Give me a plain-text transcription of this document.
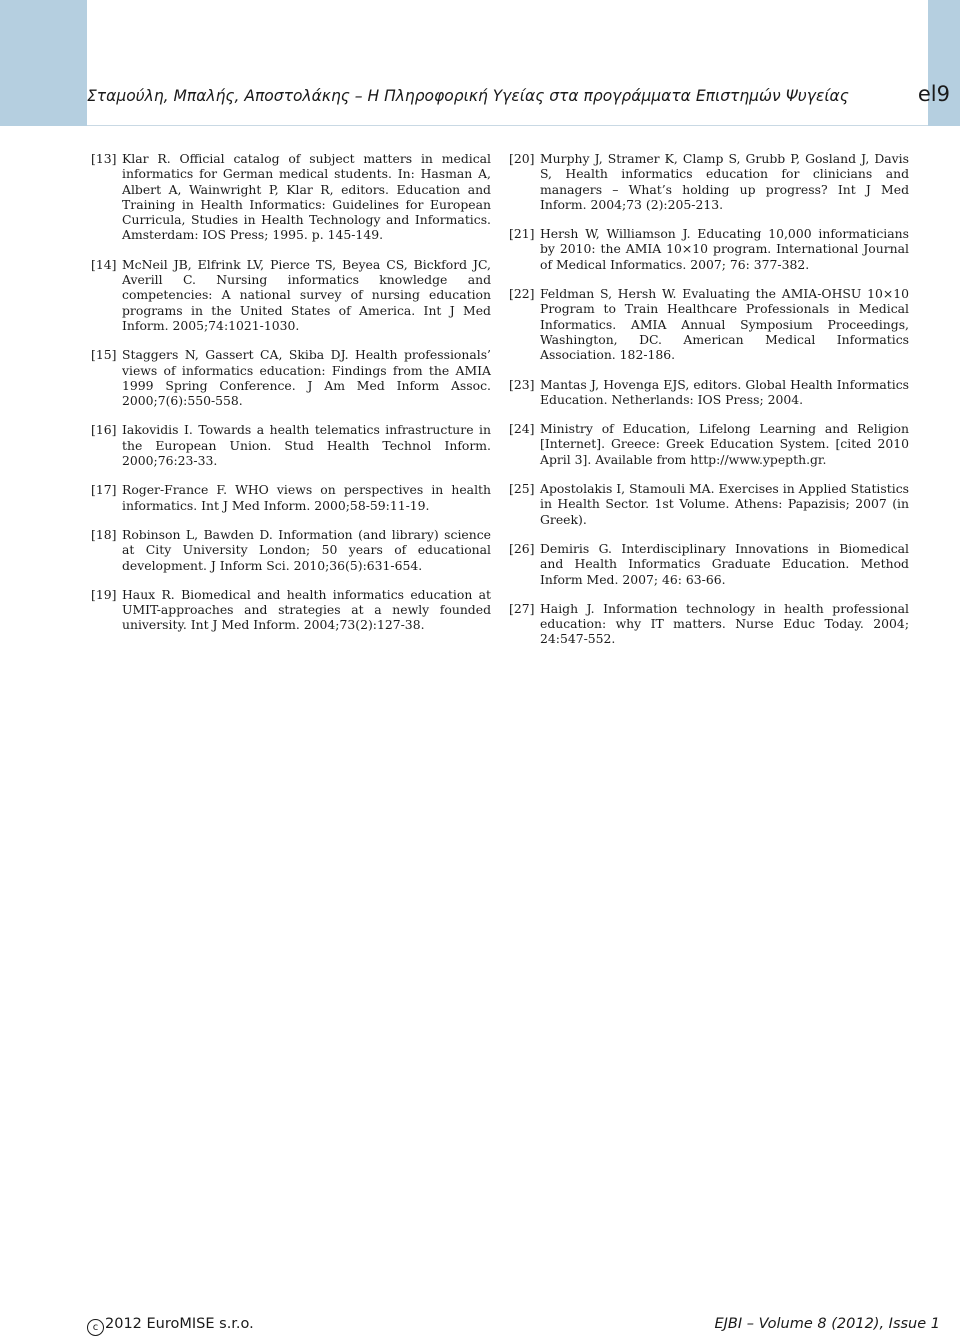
Σταμούλη, Μπαλής, Αποστολάκης – Η Πληροφορική Υγείας στα προγράμματα Επιστημών Ψυγείας	el9
[13] Klar R. Official catalog of subject matters in medical informatics for German medical students. In: Hasman A, Albert A, Wainwright P, Klar R, editors. Education and Training in Health Informatics: Guidelines for European Curricula, Studies in Health Technology and Informatics. Amsterdam: IOS Press; 1995. p. 145-149.
[14] McNeil JB, Elfrink LV, Pierce TS, Beyea CS, Bickford JC, Averill C. Nursing informatics knowledge and competencies: A national survey of nursing education programs in the United States of America. Int J Med Inform. 2005;74:1021-1030.
[15] Staggers N, Gassert CA, Skiba DJ. Health professionals’ views of informatics education: Findings from the AMIA 1999 Spring Conference. J Am Med Inform Assoc. 2000;7(6):550-558.
[16] Iakovidis I. Towards a health telematics infrastructure in the European Union. Stud Health Technol Inform. 2000;76:23-33.
[17] Roger-France F. WHO views on perspectives in health informatics. Int J Med Inform. 2000;58-59:11-19.
[18] Robinson L, Bawden D. Information (and library) science at City University London; 50 years of educational development. J Inform Sci. 2010;36(5):631-654.
[19] Haux R. Biomedical and health informatics education at UMIT-approaches and strategies at a newly founded university. Int J Med Inform. 2004;73(2):127-38.
[20] Murphy J, Stramer K, Clamp S, Grubb P, Gosland J, Davis S, Health informatics education for clinicians and managers – What’s holding up progress? Int J Med Inform. 2004;73 (2):205-213.
[21] Hersh W, Williamson J. Educating 10,000 informaticians by 2010: the AMIA 10×10 program. International Journal of Medical Informatics. 2007; 76: 377-382.
[22] Feldman S, Hersh W. Evaluating the AMIA-OHSU 10×10 Program to Train Healthcare Professionals in Medical Informatics. AMIA Annual Symposium Proceedings, Washington, DC. American Medical Informatics Association. 182-186.
[23] Mantas J, Hovenga EJS, editors. Global Health Informatics Education. Netherlands: IOS Press; 2004.
[24] Ministry of Education, Lifelong Learning and Religion [Internet]. Greece: Greek Education System. [cited 2010 April 3]. Available from http://www.ypepth.gr.
[25] Apostolakis I, Stamouli MA. Exercises in Applied Statistics in Health Sector. 1st Volume. Athens: Papazisis; 2007 (in Greek).
[26] Demiris G. Interdisciplinary Innovations in Biomedical and Health Informatics Graduate Education. Method Inform Med. 2007; 46: 63-66.
[27] Haigh J. Information technology in health professional education: why IT matters. Nurse Educ Today. 2004; 24:547-552.
c 2012 EuroMISE s.r.o.	EJBI – Volume 8 (2012), Issue 1
